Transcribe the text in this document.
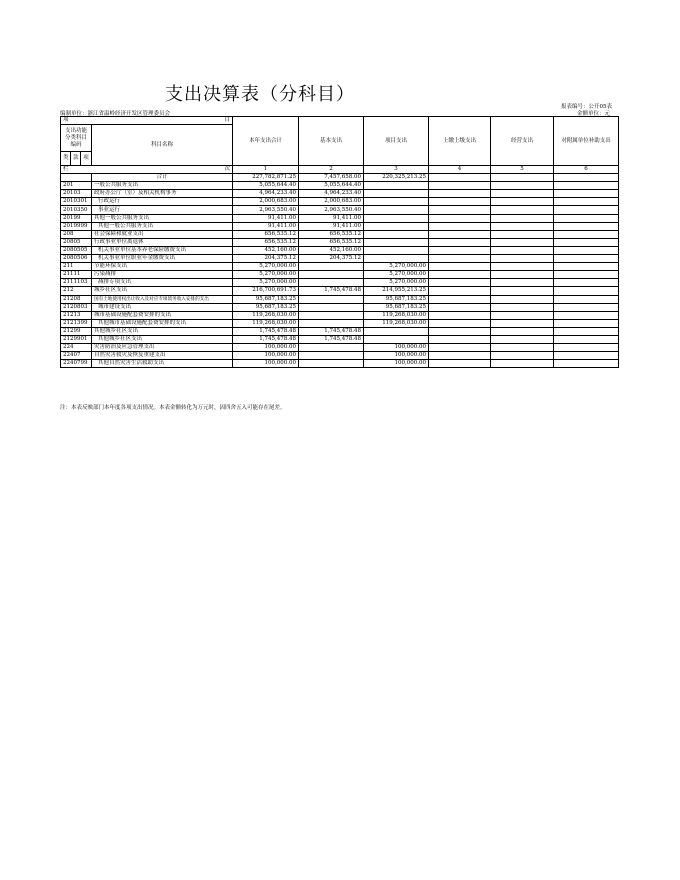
支出决算表（分科目）
报表编号：公开05表
编制单位：浙江省温岭经济开发区管理委员会	金额单位：元
项 目				本年支出合计	基本支出	项目支出	上缴上级支出	经营支出	对附属单位补助支出
支出功能分类科目编码			科目名称						
类	款	项							
栏 次				1	2	3	4	5	6
			合计	227,782,871.25	7,457,658.00	220,325,213.25			
201			一般公共服务支出	5,055,644.40	5,055,644.40				
20103			政府办公厅（室）及相关机构事务	4,964,233.40	4,964,233.40				
2010301			行政运行	2,000,683.00	2,000,683.00				
2010350			事业运行	2,963,550.40	2,963,550.40				
20199			其他一般公共服务支出	91,411.00	91,411.00				
2019999			其他一般公共服务支出	91,411.00	91,411.00				
208			社会保障和就业支出	656,535.12	656,535.12				
20805			行政事业单位离退休	656,535.12	656,535.12				
2080505			机关事业单位基本养老保险缴费支出	452,160.00	452,160.00				
2080506			机关事业单位职业年金缴费支出	204,375.12	204,375.12				
211			节能环保支出	5,270,000.00		5,270,000.00			
21111			污染减排	5,270,000.00		5,270,000.00			
2111103			减排专项支出	5,270,000.00		5,270,000.00			
212			城乡社区支出	216,700,691.73	1,745,478.48	214,955,213.25			
21208			国有土地使用权出让收入及对应专项债务收入安排的支出	95,687,183.25		95,687,183.25			
2120803			城市建设支出	95,687,183.25		95,687,183.25			
21213			城市基础设施配套费安排的支出	119,268,030.00		119,268,030.00			
2121399			其他城市基础设施配套费安排的支出	119,268,030.00		119,268,030.00			
21299			其他城乡社区支出	1,745,478.48	1,745,478.48				
2129901			其他城乡社区支出	1,745,478.48	1,745,478.48				
224			灾害防治及应急管理支出	100,000.00		100,000.00			
22407			自然灾害救灾及恢复重建支出	100,000.00		100,000.00			
2240799			其他自然灾害生活救助支出	100,000.00		100,000.00			
注：本表反映部门本年度各项支出情况。本表金额转化为万元时，因四舍五入可能存在尾差。
